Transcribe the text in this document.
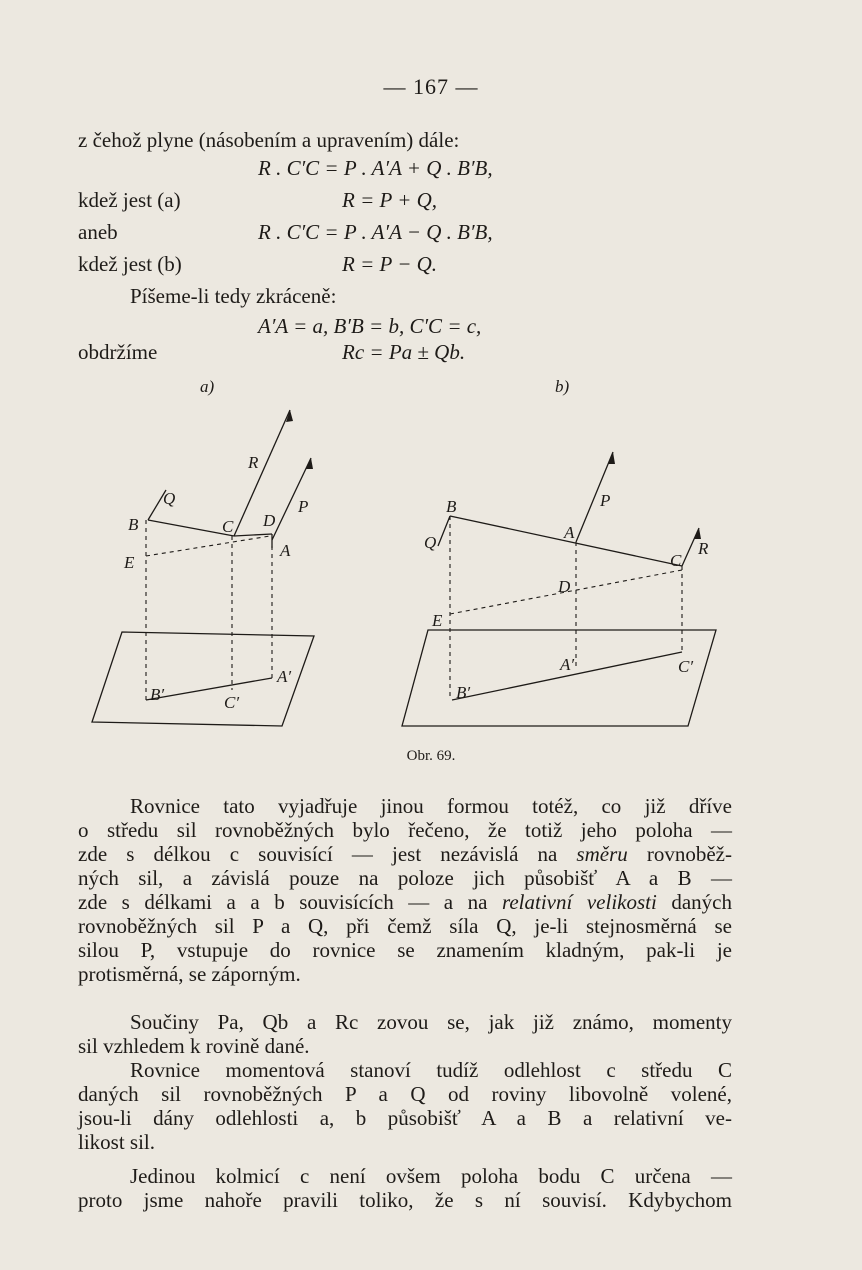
— 167 —
z čehož plyne (násobením a upravením) dále:
R . C′C = P . A′A + Q . B′B,
kdež jest (a)	R = P + Q,
aneb	R . C′C = P . A′A − Q . B′B,
kdež jest (b)	R = P − Q.
Píšeme-li tedy zkráceně:
A′A = a, B′B = b, C′C = c,
obdržíme	Rc = Pa ± Qb.
a)	b)
R
Q	P
B	C D
A
E
A′
B′	C′
B	P
Q
A
C
R
D
E
A′
B′
C′
Obr. 69.
Rovnice tato vyjadřuje jinou formou totéž, co již dříve
o středu sil rovnoběžných bylo řečeno, že totiž jeho poloha —
zde s délkou c souvisící — jest nezávislá na směru rovnoběž-
ných sil, a závislá pouze na poloze jich působišť A a B —
zde s délkami a a b souvisících — a na relativní velikosti daných
rovnoběžných sil P a Q, při čemž síla Q, je-li stejnosměrná se
silou P, vstupuje do rovnice se znamením kladným, pak-li je
protisměrná, se záporným.
Součiny Pa, Qb a Rc zovou se, jak již známo, momenty
sil vzhledem k rovině dané.
Rovnice momentová stanoví tudíž odlehlost c středu C
daných sil rovnoběžných P a Q od roviny libovolně volené,
jsou-li dány odlehlosti a, b působišť A a B a relativní ve-
likost sil.
Jedinou kolmicí c není ovšem poloha bodu C určena —
proto jsme nahoře pravili toliko, že s ní souvisí. Kdybychom
